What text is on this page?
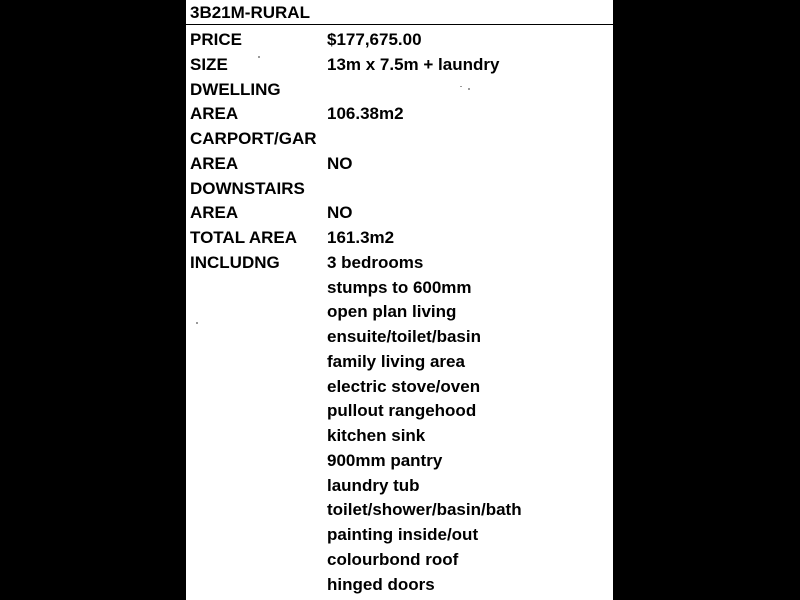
3B21M-RURAL
PRICE	$177,675.00
SIZE	13m x 7.5m + laundry
DWELLING
AREA	106.38m2
CARPORT/GAR
AREA	NO
DOWNSTAIRS
AREA	NO
TOTAL AREA 161.3m2
INCLUDNG	3 bedrooms
stumps to 600mm
open plan living
ensuite/toilet/basin
family living area
electric stove/oven
pullout rangehood
kitchen sink
900mm pantry
laundry tub
toilet/shower/basin/bath
painting inside/out
colourbond roof
hinged doors
